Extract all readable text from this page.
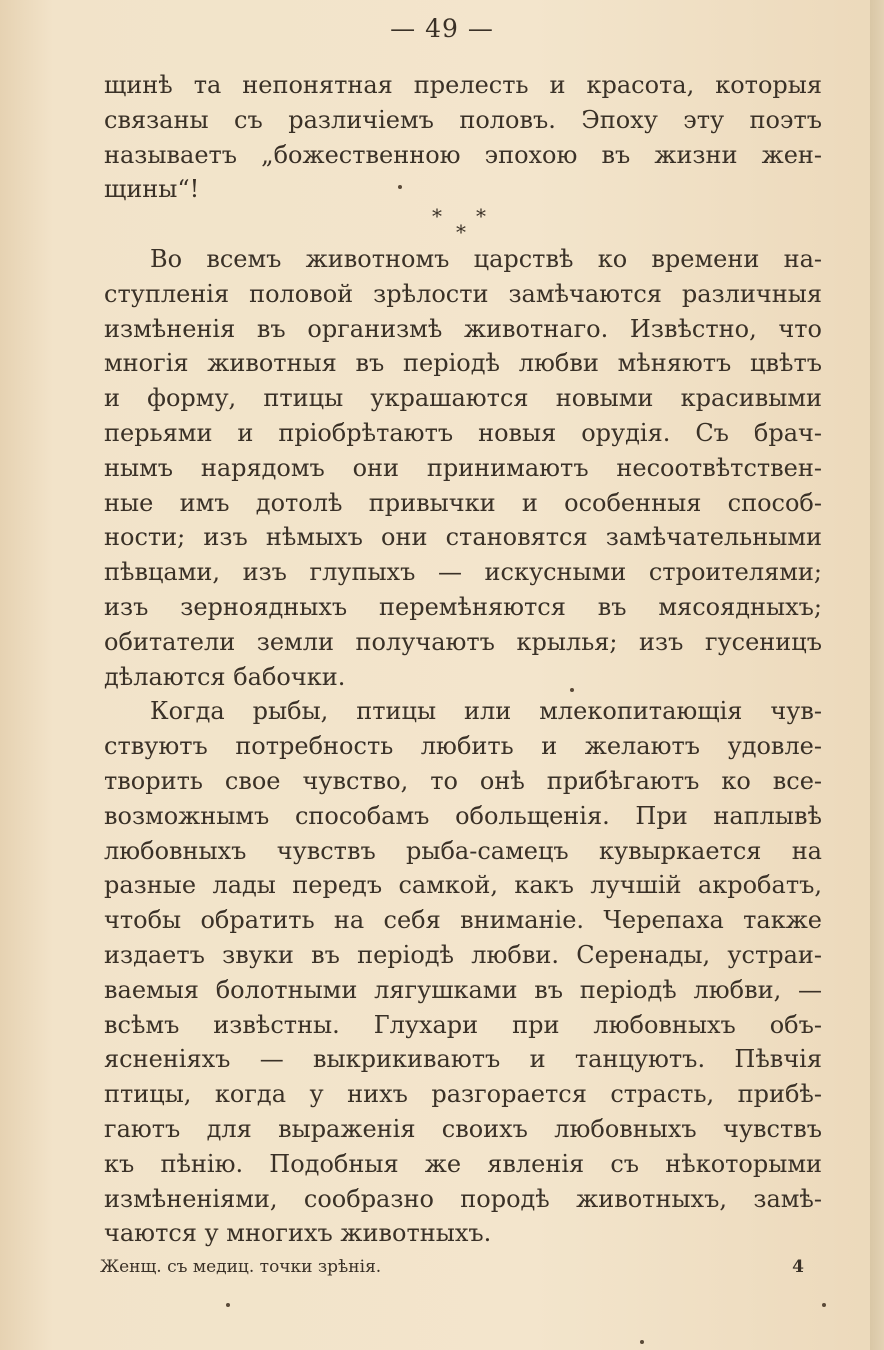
— 49 —
щинѣ та непонятная прелесть и красота, которыя
связаны съ различіемъ половъ. Эпоху эту поэтъ
называетъ „божественною эпохою въ жизни жен-
щины“!
* *
*
Во всемъ животномъ царствѣ ко времени на-
ступленія половой зрѣлости замѣчаются различныя
измѣненія въ организмѣ животнаго. Извѣстно, что
многія животныя въ періодѣ любви мѣняютъ цвѣтъ
и форму, птицы украшаются новыми красивыми
перьями и пріобрѣтаютъ новыя орудія. Съ брач-
нымъ нарядомъ они принимаютъ несоотвѣтствен-
ные имъ дотолѣ привычки и особенныя способ-
ности; изъ нѣмыхъ они становятся замѣчательными
пѣвцами, изъ глупыхъ — искусными строителями;
изъ зерноядныхъ перемѣняются въ мясоядныхъ;
обитатели земли получаютъ крылья; изъ гусеницъ
дѣлаются бабочки.
Когда рыбы, птицы или млекопитающія чув-
ствуютъ потребность любить и желаютъ удовле-
творить свое чувство, то онѣ прибѣгаютъ ко все-
возможнымъ способамъ обольщенія. При наплывѣ
любовныхъ чувствъ рыба-самецъ кувыркается на
разные лады передъ самкой, какъ лучшій акробатъ,
чтобы обратить на себя вниманіе. Черепаха также
издаетъ звуки въ періодѣ любви. Серенады, устраи-
ваемыя болотными лягушками въ періодѣ любви, —
всѣмъ извѣстны. Глухари при любовныхъ объ-
ясненіяхъ — выкрикиваютъ и танцуютъ. Пѣвчія
птицы, когда у нихъ разгорается страсть, прибѣ-
гаютъ для выраженія своихъ любовныхъ чувствъ
къ пѣнію. Подобныя же явленія съ нѣкоторыми
измѣненіями, сообразно породѣ животныхъ, замѣ-
чаются у многихъ животныхъ.
Женщ. съ медиц. точки зрѣнія.	4
